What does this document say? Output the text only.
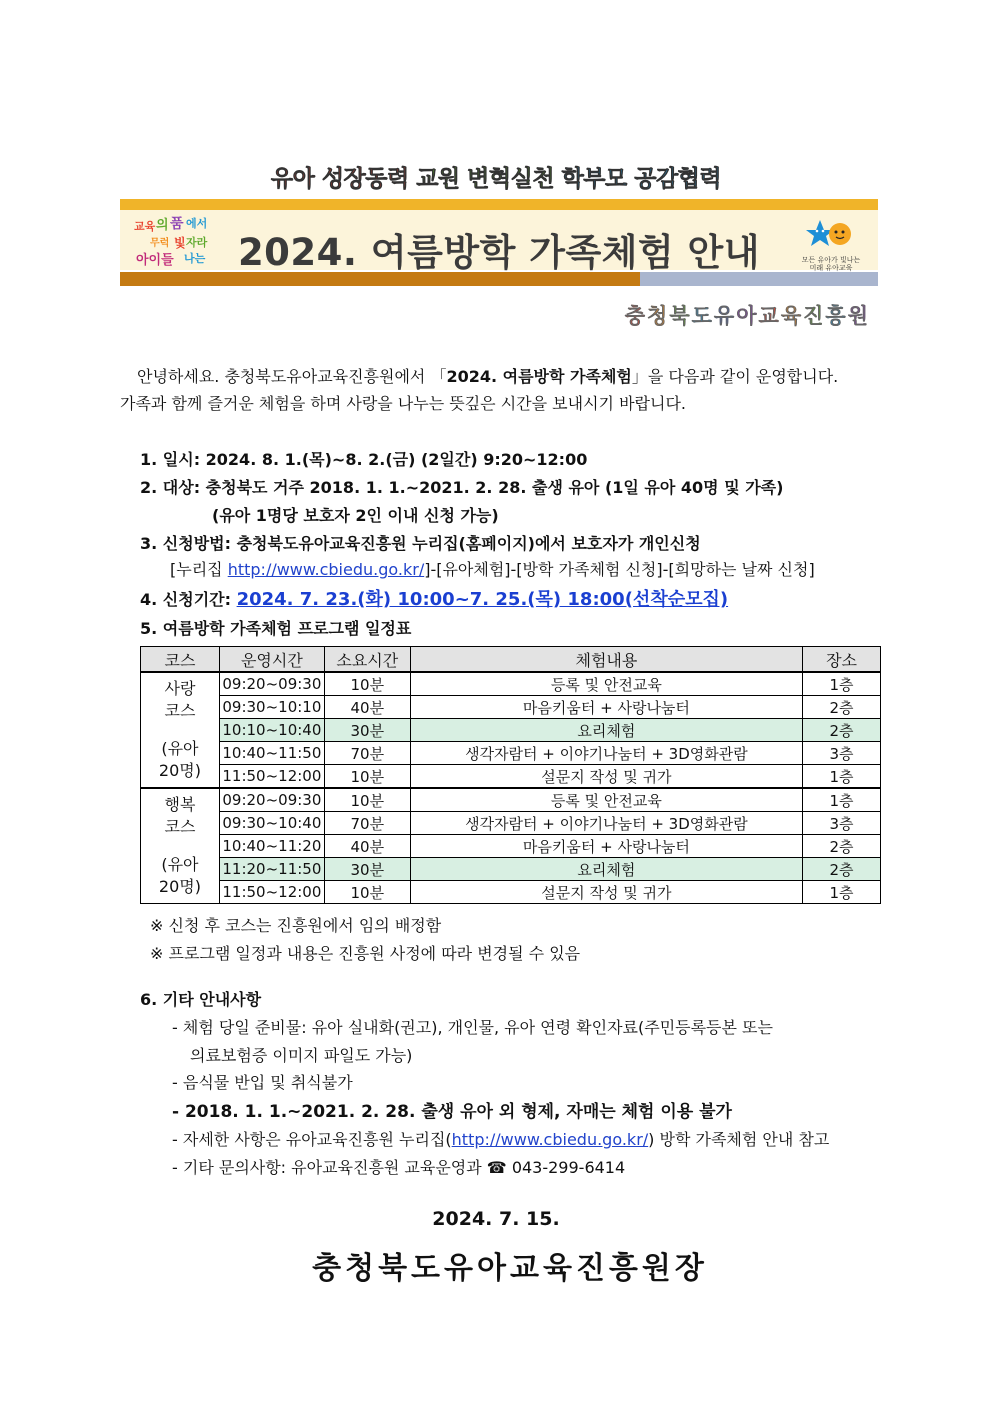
유아 성장동력 교원 변혁실천 학부모 공감협력
교육 의 품 에서
무럭 빛 자라
아이들 나는 2024. 여름방학 가족체험 안내	모든 유아가 빛나는
미래 유아교육
충청북도유아교육진흥원
안녕하세요. 충청북도유아교육진흥원에서 「2024. 여름방학 가족체험」을 다음과 같이 운영합니다.
가족과 함께 즐거운 체험을 하며 사랑을 나누는 뜻깊은 시간을 보내시기 바랍니다.
1. 일시: 2024. 8. 1.(목)~8. 2.(금) (2일간) 9:20~12:00
2. 대상: 충청북도 거주 2018. 1. 1.~2021. 2. 28. 출생 유아 (1일 유아 40명 및 가족)
(유아 1명당 보호자 2인 이내 신청 가능)
3. 신청방법: 충청북도유아교육진흥원 누리집(홈페이지)에서 보호자가 개인신청
[누리집 http://www.cbiedu.go.kr/]-[유아체험]-[방학 가족체험 신청]-[희망하는 날짜 신청]
4. 신청기간: 2024. 7. 23.(화) 10:00~7. 25.(목) 18:00(선착순모집)
5. 여름방학 가족체험 프로그램 일정표
코스	운영시간	소요시간	체험내용	장소

사랑
코스
(유아
20명)	09:20~09:30	10분	등록 및 안전교육	1층
	09:30~10:10	40분	마음키움터 + 사랑나눔터	2층
	10:10~10:40	30분	요리체험	2층
	10:40~11:50	70분	생각자람터 + 이야기나눔터 + 3D영화관람	3층
	11:50~12:00	10분	설문지 작성 및 귀가	1층

행복
코스
(유아
20명)	09:20~09:30	10분	등록 및 안전교육	1층
	09:30~10:40	70분	생각자람터 + 이야기나눔터 + 3D영화관람	3층
	10:40~11:20	40분	마음키움터 + 사랑나눔터	2층
	11:20~11:50	30분	요리체험	2층
	11:50~12:00	10분	설문지 작성 및 귀가	1층
※ 신청 후 코스는 진흥원에서 임의 배정함
※ 프로그램 일정과 내용은 진흥원 사정에 따라 변경될 수 있음
6. 기타 안내사항
- 체험 당일 준비물: 유아 실내화(권고), 개인물, 유아 연령 확인자료(주민등록등본 또는
의료보험증 이미지 파일도 가능)
- 음식물 반입 및 취식불가
- 2018. 1. 1.~2021. 2. 28. 출생 유아 외 형제, 자매는 체험 이용 불가
- 자세한 사항은 유아교육진흥원 누리집(http://www.cbiedu.go.kr/) 방학 가족체험 안내 참고
- 기타 문의사항: 유아교육진흥원 교육운영과 ☎ 043-299-6414
2024. 7. 15.
충청북도유아교육진흥원장
